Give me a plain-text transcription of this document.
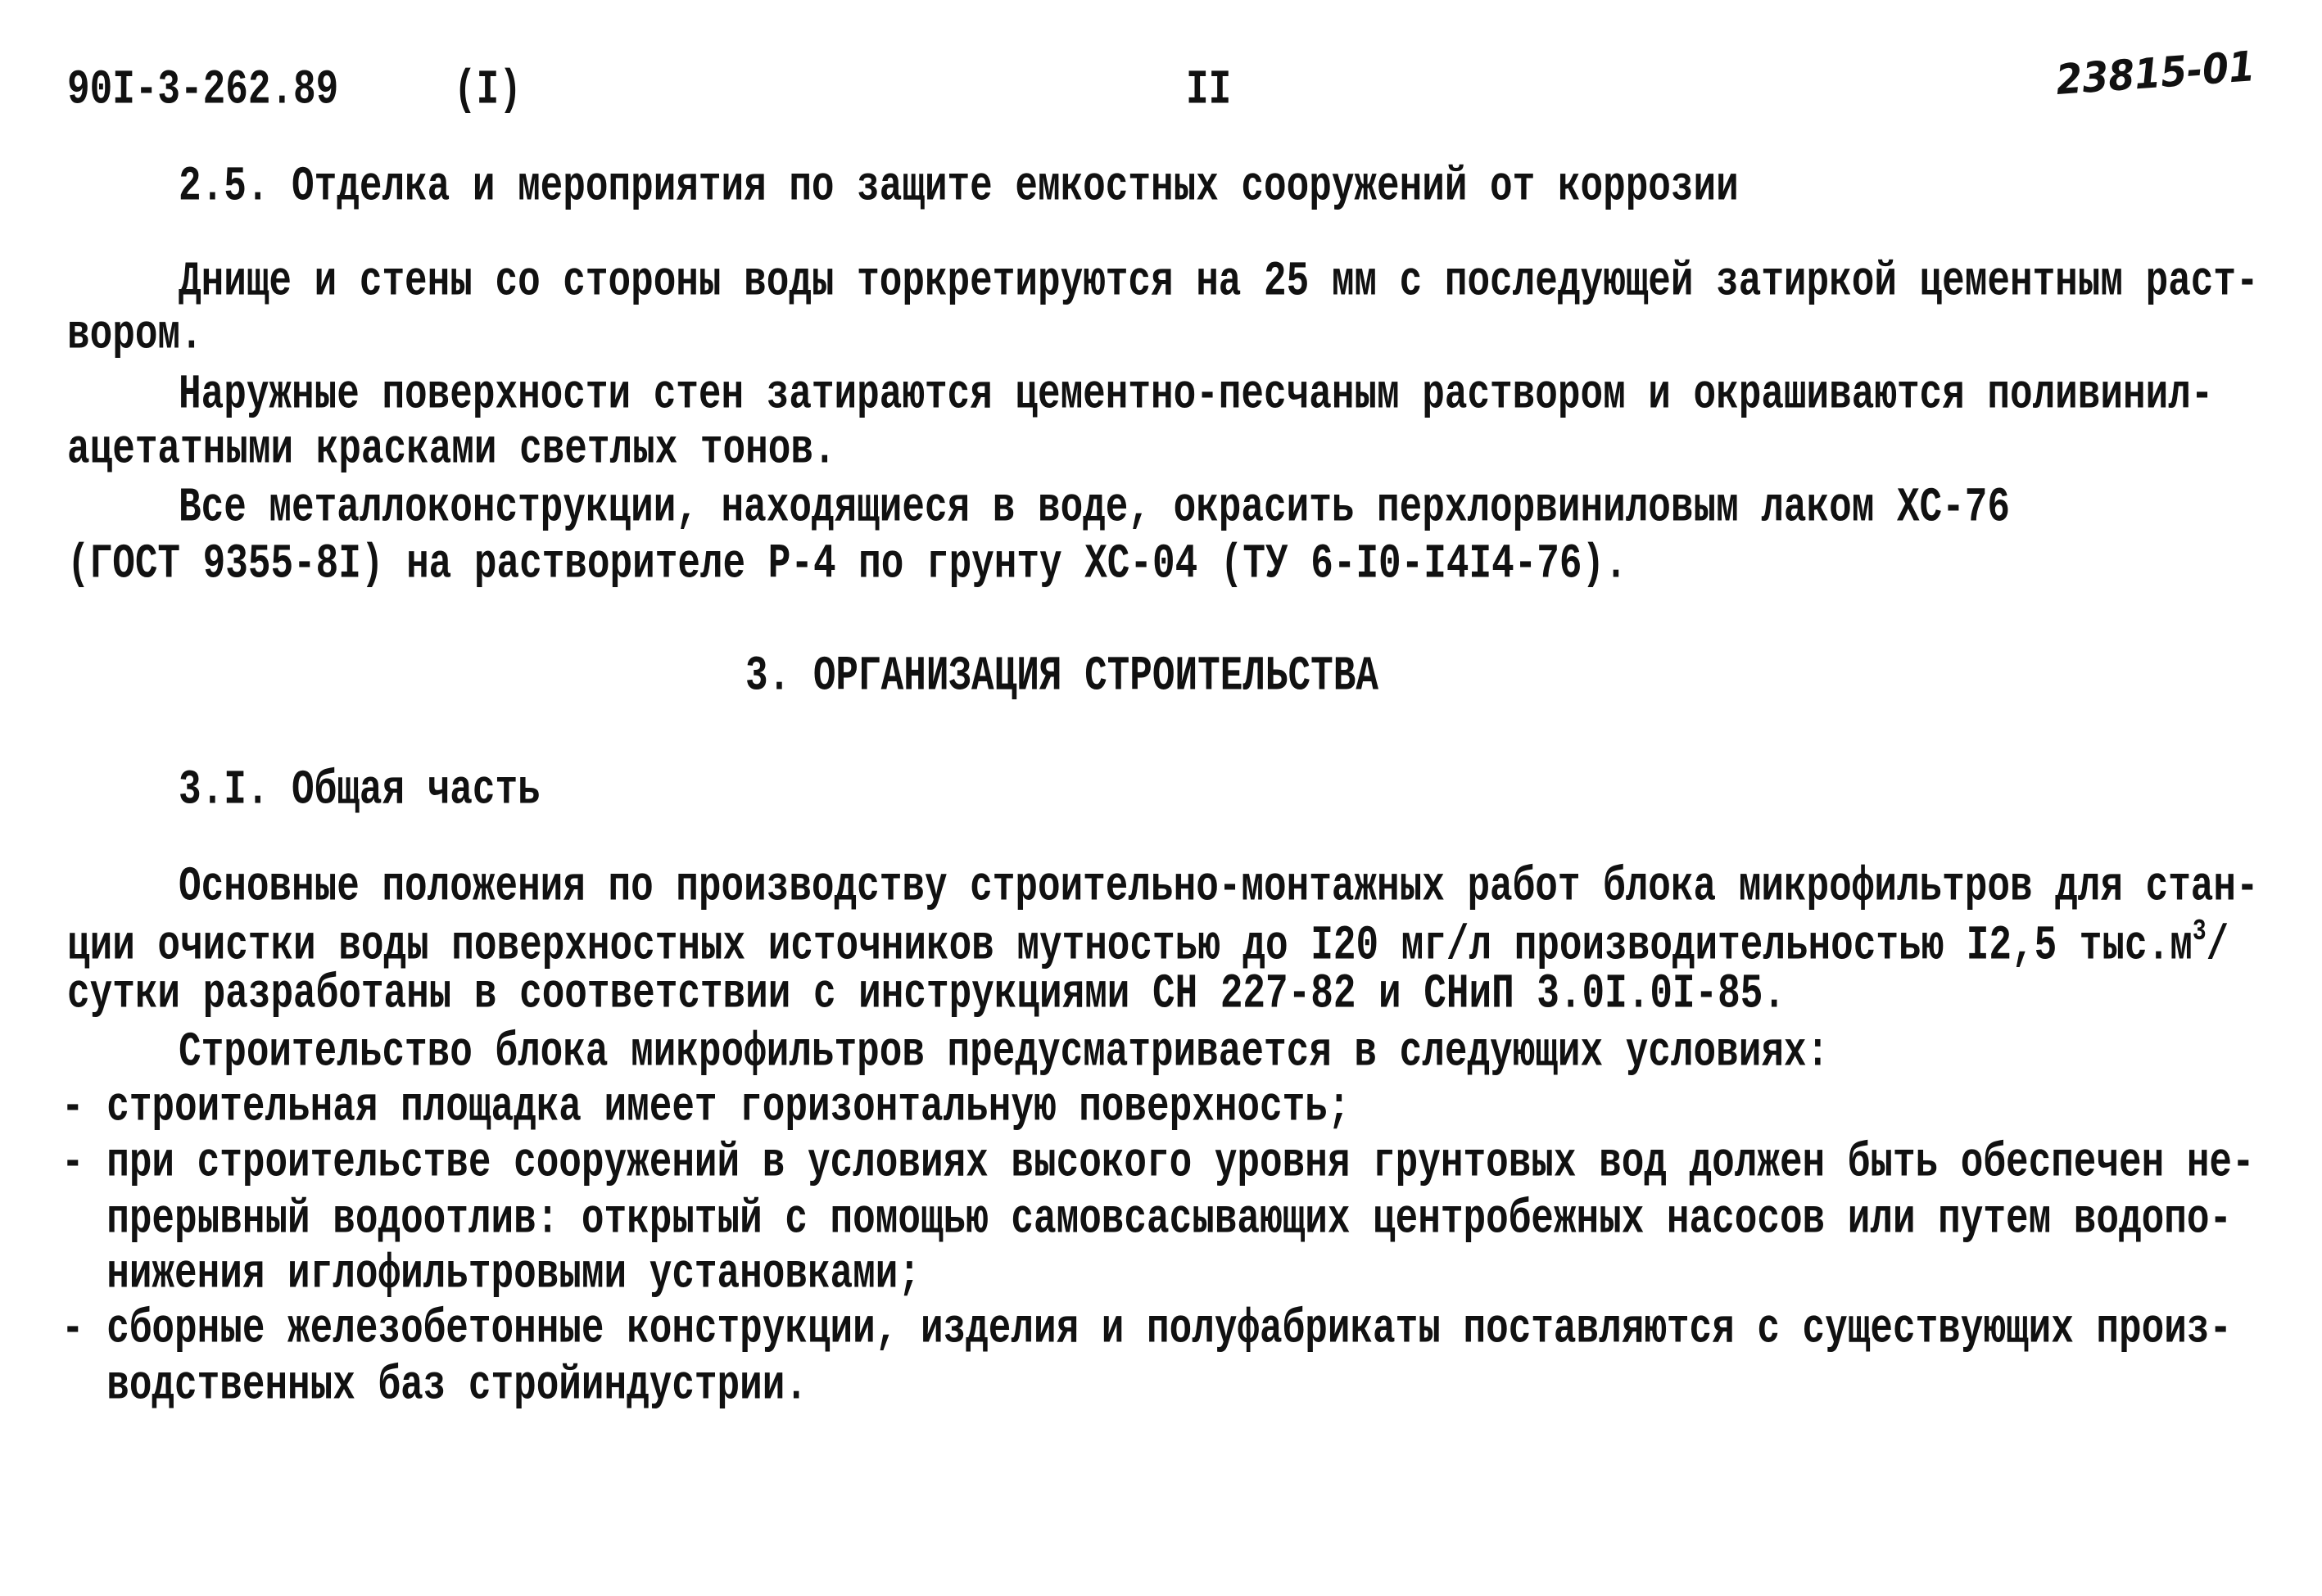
90I-3-262.89	(I)	II	23815-01
2.5. Отделка и мероприятия по защите емкостных сооружений от коррозии
Днище и стены со стороны воды торкретируются на 25 мм с последующей затиркой цементным раст-
вором.
Наружные поверхности стен затираются цементно-песчаным раствором и окрашиваются поливинил-
ацетатными красками светлых тонов.
Все металлоконструкции, находящиеся в воде, окрасить перхлорвиниловым лаком ХС-76
(ГОСТ 9355-8I) на растворителе Р-4 по грунту ХС-04 (ТУ 6-I0-I4I4-76).
3. ОРГАНИЗАЦИЯ СТРОИТЕЛЬСТВА
3.I. Общая часть
Основные положения по производству строительно-монтажных работ блока микрофильтров для стан-
ции очистки воды поверхностных источников мутностью до I20 мг/л производительностью I2,5 $тыс.м^3/$
сутки разработаны в соответствии с инструкциями СН 227-82 и СНиП 3.0I.0I-85.
Строительство блока микрофильтров предусматривается в следующих условиях:
- строительная площадка имеет горизонтальную поверхность;
- при строительстве сооружений в условиях высокого уровня грунтовых вод должен быть обеспечен не-
прерывный водоотлив: открытый с помощью самовсасывающих центробежных насосов или путем водопо-
нижения иглофильтровыми установками;
- сборные железобетонные конструкции, изделия и полуфабрикаты поставляются с существующих произ-
водственных баз стройиндустрии.
